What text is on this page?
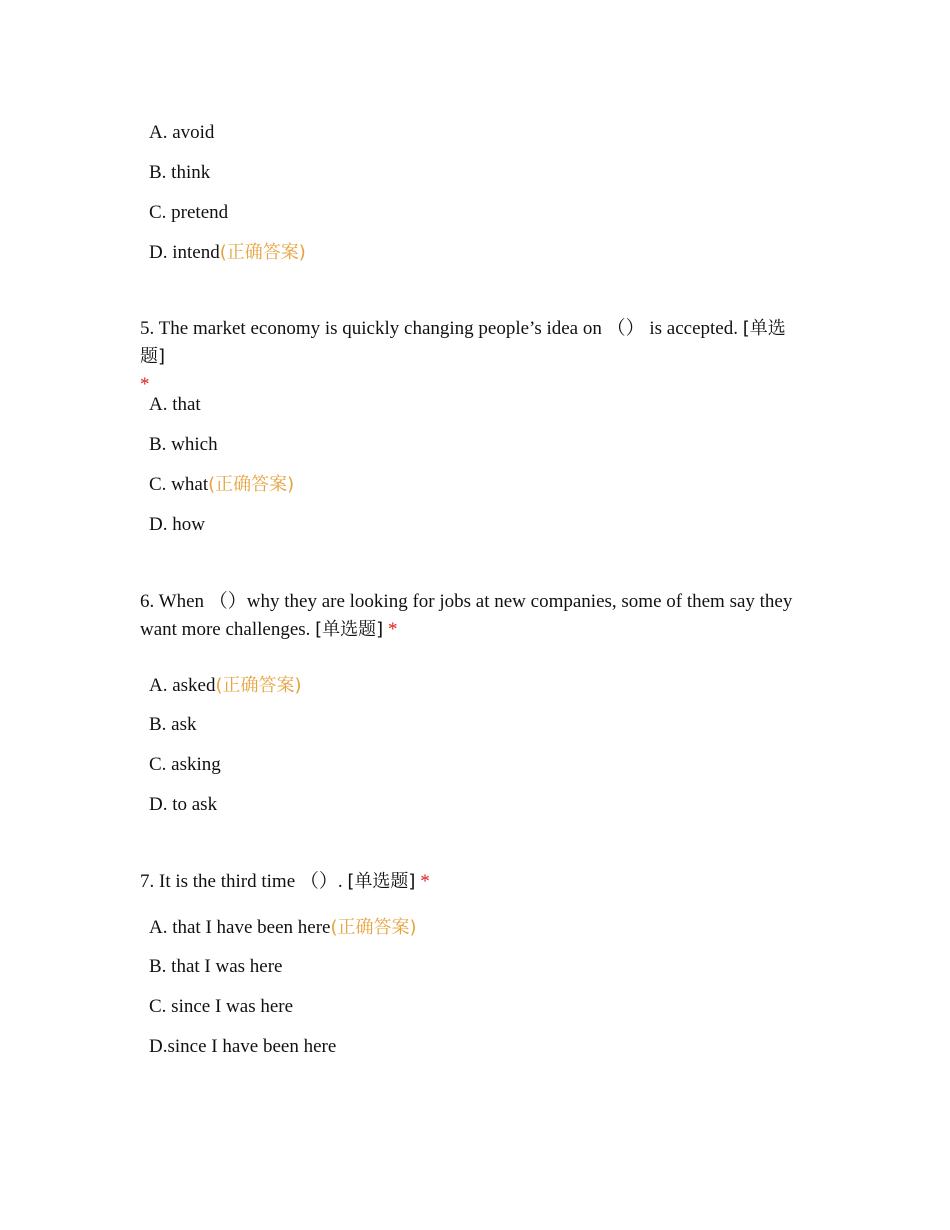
A. avoid
B. think
C. pretend
D. intend(正确答案)

5. The market economy is quickly changing people’s idea on （） is accepted. [单选题]
*

A. that
B. which
C. what(正确答案)
D. how

6. When （）why they are looking for jobs at new companies, some of them say they want more challenges. [单选题] *

A. asked(正确答案)
B. ask
C. asking
D. to ask

7. It is the third time （）. [单选题] *

A. that I have been here(正确答案)
B. that I was here
C. since I was here
D.since I have been here
